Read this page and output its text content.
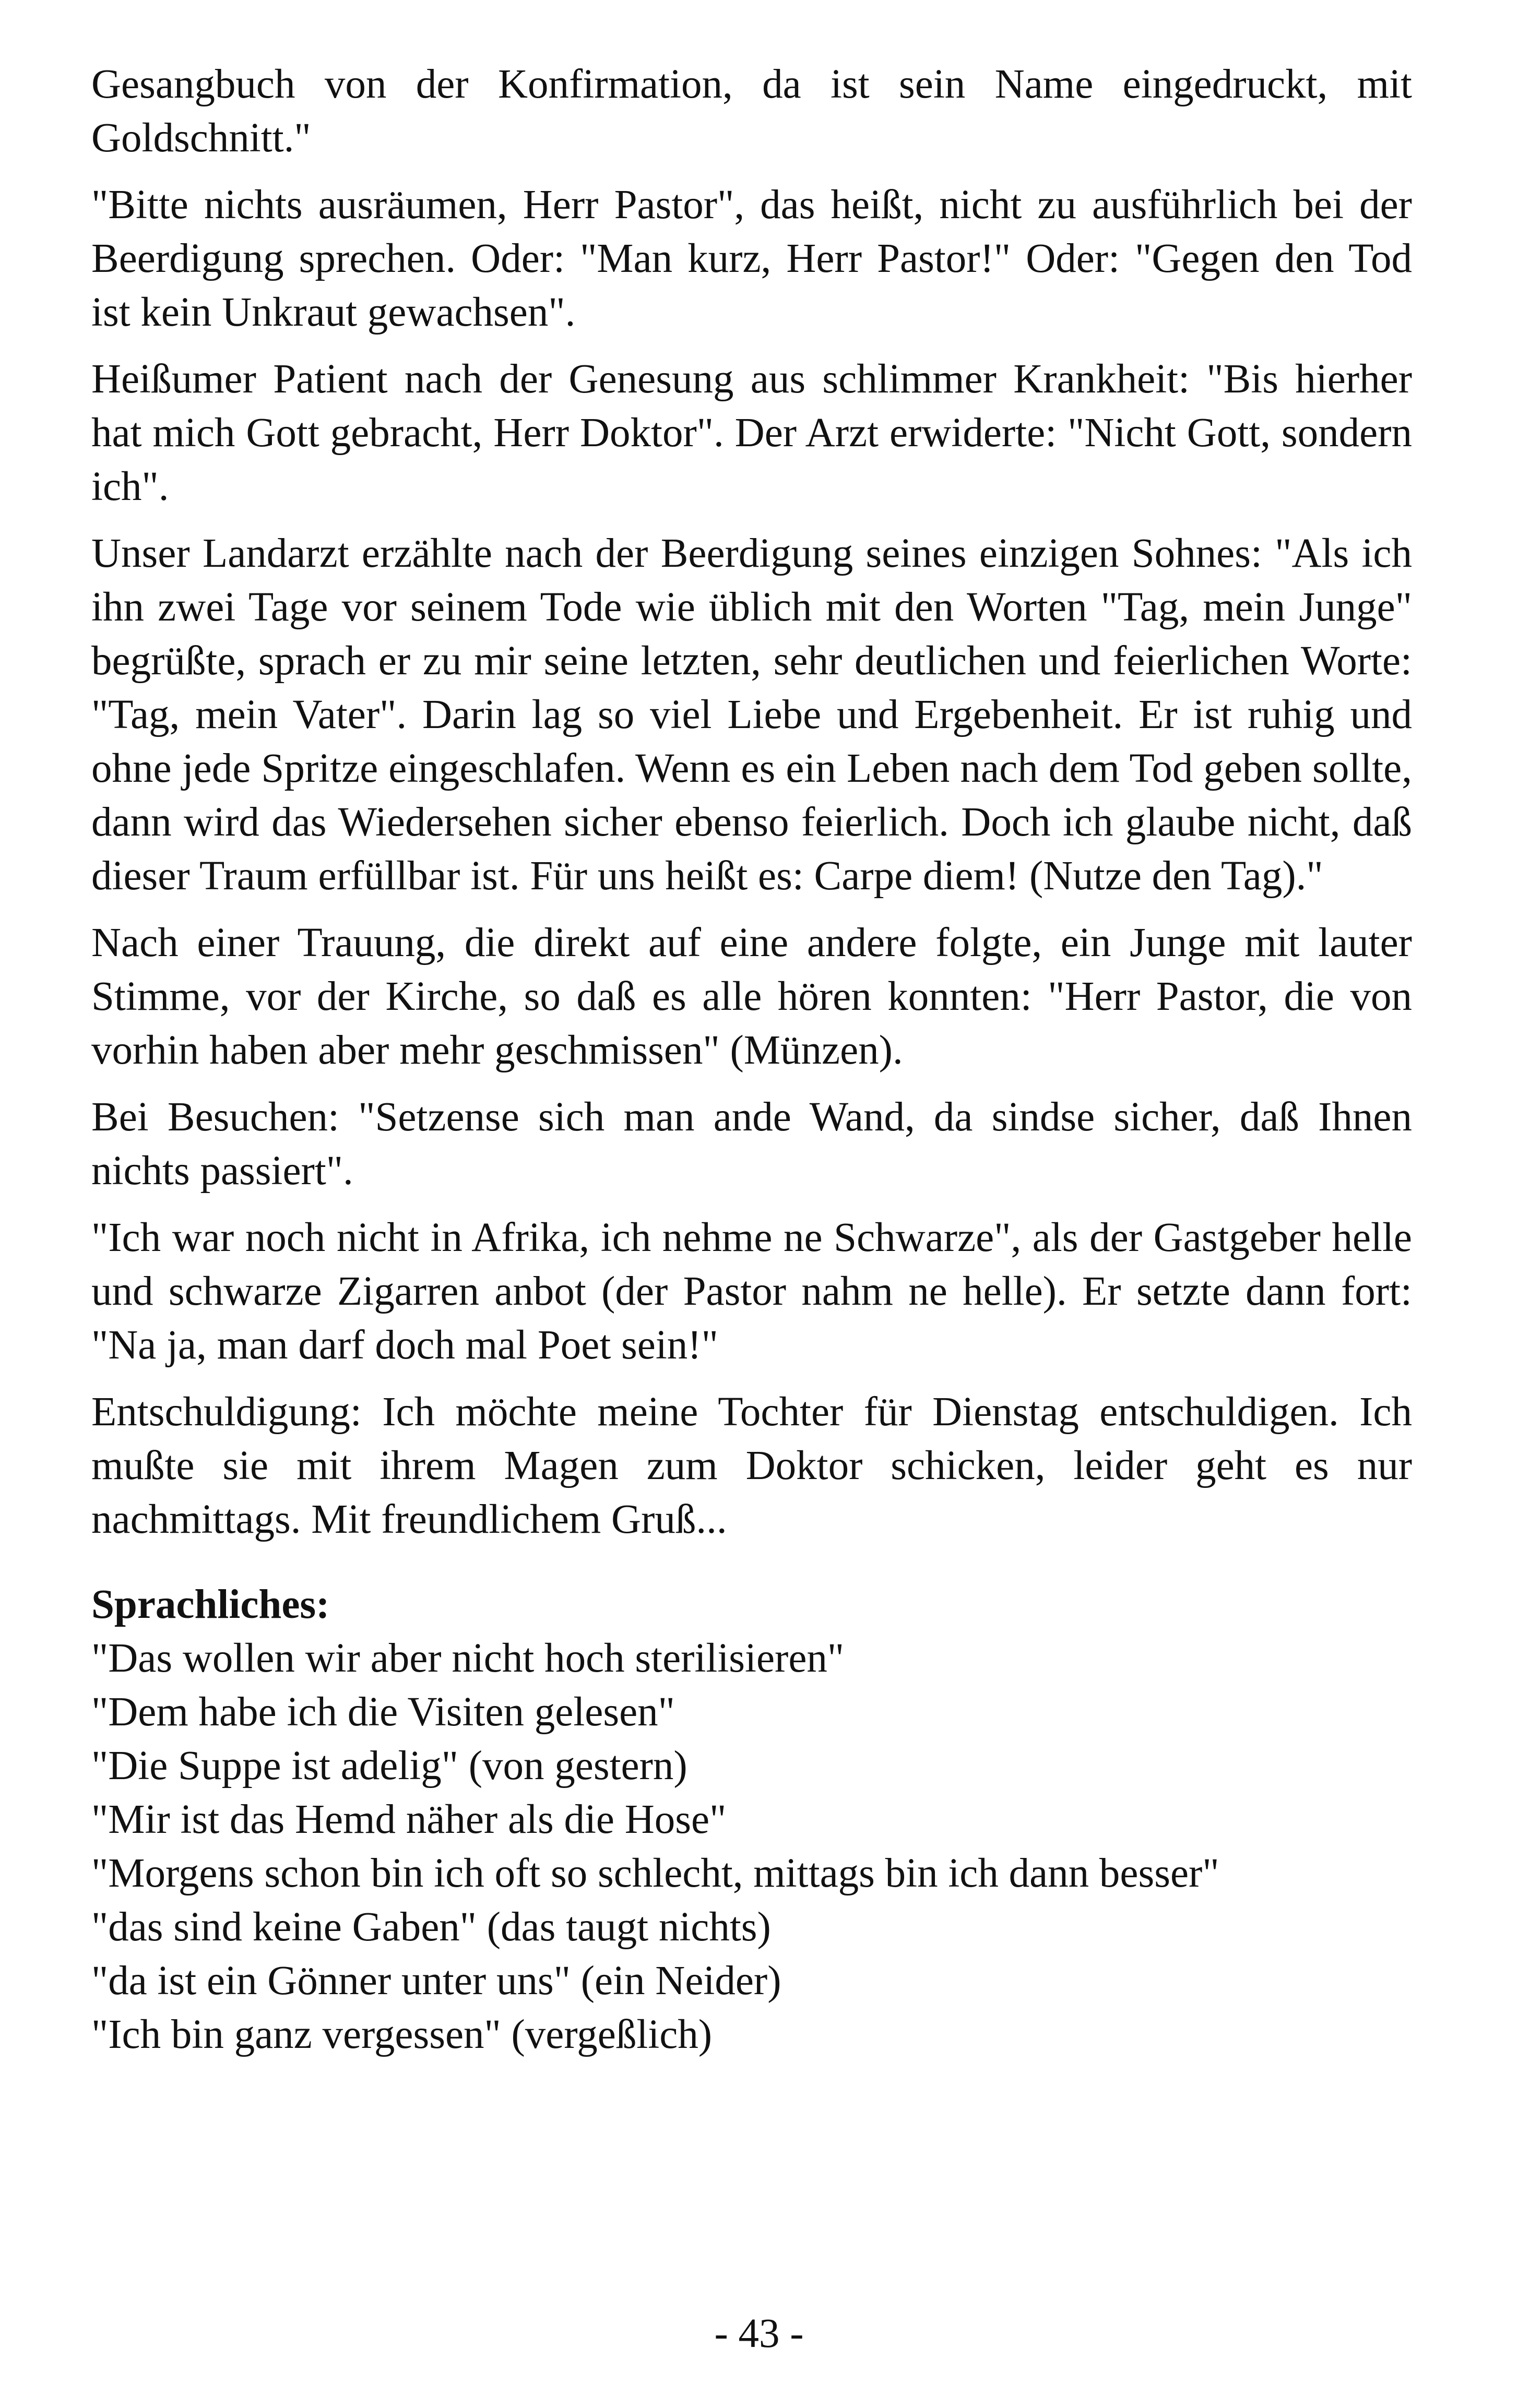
Gesangbuch von der Konfirmation, da ist sein Name eingedruckt, mit Goldschnitt."

"Bitte nichts ausräumen, Herr Pastor", das heißt, nicht zu ausführlich bei der Beerdigung sprechen. Oder: "Man kurz, Herr Pastor!" Oder: "Gegen den Tod ist kein Unkraut gewachsen".

Heißumer Patient nach der Genesung aus schlimmer Krankheit: "Bis hierher hat mich Gott gebracht, Herr Doktor". Der Arzt erwiderte: "Nicht Gott, sondern ich".

Unser Landarzt erzählte nach der Beerdigung seines einzigen Sohnes: "Als ich ihn zwei Tage vor seinem Tode wie üblich mit den Worten "Tag, mein Junge" begrüßte, sprach er zu mir seine letzten, sehr deutlichen und feierlichen Worte: "Tag, mein Vater". Darin lag so viel Liebe und Ergebenheit. Er ist ruhig und ohne jede Spritze eingeschlafen. Wenn es ein Leben nach dem Tod geben sollte, dann wird das Wiedersehen sicher ebenso feierlich. Doch ich glaube nicht, daß dieser Traum erfüllbar ist. Für uns heißt es: Carpe diem! (Nutze den Tag)."

Nach einer Trauung, die direkt auf eine andere folgte, ein Junge mit lauter Stimme, vor der Kirche, so daß es alle hören konnten: "Herr Pastor, die von vorhin haben aber mehr geschmissen" (Münzen).

Bei Besuchen: "Setzense sich man ande Wand, da sindse sicher, daß Ihnen nichts passiert".

"Ich war noch nicht in Afrika, ich nehme ne Schwarze", als der Gastgeber helle und schwarze Zigarren anbot (der Pastor nahm ne helle). Er setzte dann fort: "Na ja, man darf doch mal Poet sein!"

Entschuldigung: Ich möchte meine Tochter für Dienstag entschuldigen. Ich mußte sie mit ihrem Magen zum Doktor schicken, leider geht es nur nachmittags. Mit freundlichem Gruß...

Sprachliches:
"Das wollen wir aber nicht hoch sterilisieren"
"Dem habe ich die Visiten gelesen"
"Die Suppe ist adelig" (von gestern)
"Mir ist das Hemd näher als die Hose"
"Morgens schon bin ich oft so schlecht, mittags bin ich dann besser"
"das sind keine Gaben" (das taugt nichts)
"da ist ein Gönner unter uns" (ein Neider)
"Ich bin ganz vergessen" (vergeßlich)
- 43 -
